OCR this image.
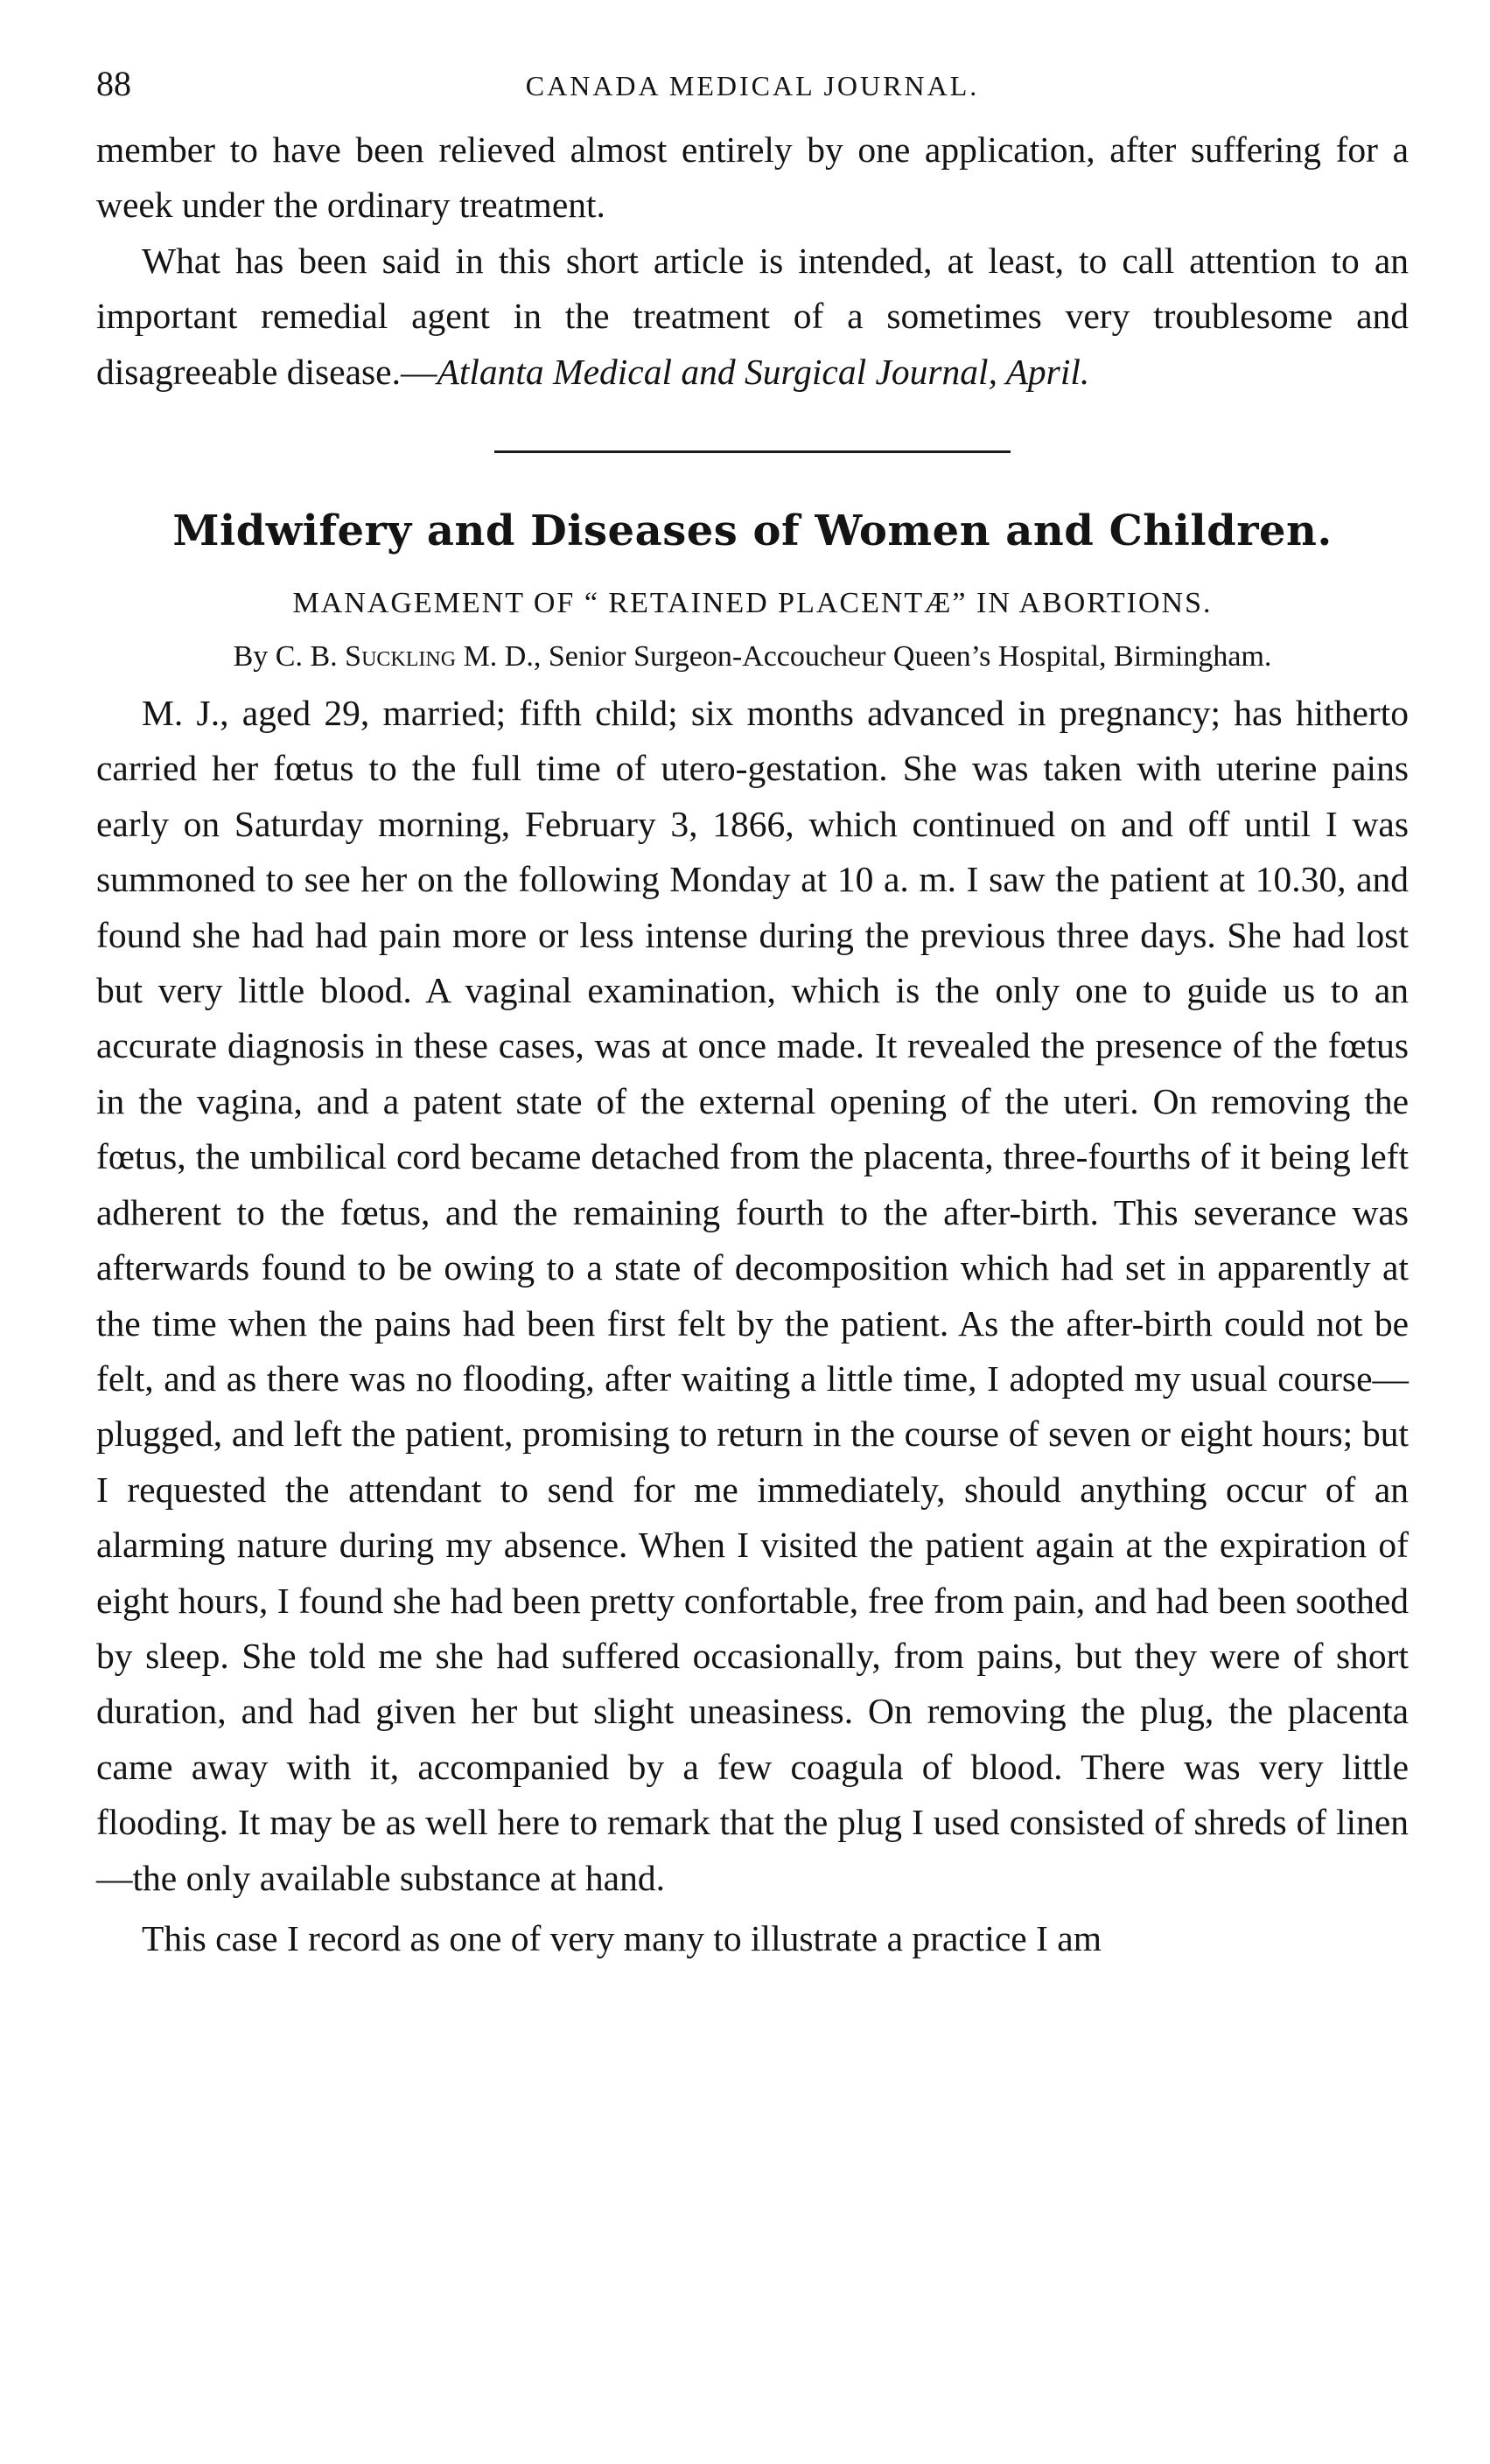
88	CANADA MEDICAL JOURNAL.

member to have been relieved almost entirely by one application, after suffering for a week under the ordinary treatment.

What has been said in this short article is intended, at least, to call attention to an important remedial agent in the treatment of a sometimes very troublesome and disagreeable disease.—Atlanta Medical and Surgical Journal, April.

Midwifery and Diseases of Women and Children.

MANAGEMENT OF “ RETAINED PLACENTÆ” IN ABORTIONS.

By C. B. Suckling M. D., Senior Surgeon-Accoucheur Queen’s Hospital, Birmingham.

M. J., aged 29, married; fifth child; six months advanced in pregnancy; has hitherto carried her fœtus to the full time of utero-gestation. She was taken with uterine pains early on Saturday morning, February 3, 1866, which continued on and off until I was summoned to see her on the following Monday at 10 a. m. I saw the patient at 10.30, and found she had had pain more or less intense during the previous three days. She had lost but very little blood. A vaginal examination, which is the only one to guide us to an accurate diagnosis in these cases, was at once made. It revealed the presence of the fœtus in the vagina, and a patent state of the external opening of the uteri. On removing the fœtus, the umbilical cord became detached from the placenta, three-fourths of it being left adherent to the fœtus, and the remaining fourth to the after-birth. This severance was afterwards found to be owing to a state of decomposition which had set in apparently at the time when the pains had been first felt by the patient. As the after-birth could not be felt, and as there was no flooding, after waiting a little time, I adopted my usual course—plugged, and left the patient, promising to return in the course of seven or eight hours; but I requested the attendant to send for me immediately, should anything occur of an alarming nature during my absence. When I visited the patient again at the expiration of eight hours, I found she had been pretty confortable, free from pain, and had been soothed by sleep. She told me she had suffered occasionally, from pains, but they were of short duration, and had given her but slight uneasiness. On removing the plug, the placenta came away with it, accompanied by a few coagula of blood. There was very little flooding. It may be as well here to remark that the plug I used consisted of shreds of linen—the only available substance at hand.

This case I record as one of very many to illustrate a practice I am
